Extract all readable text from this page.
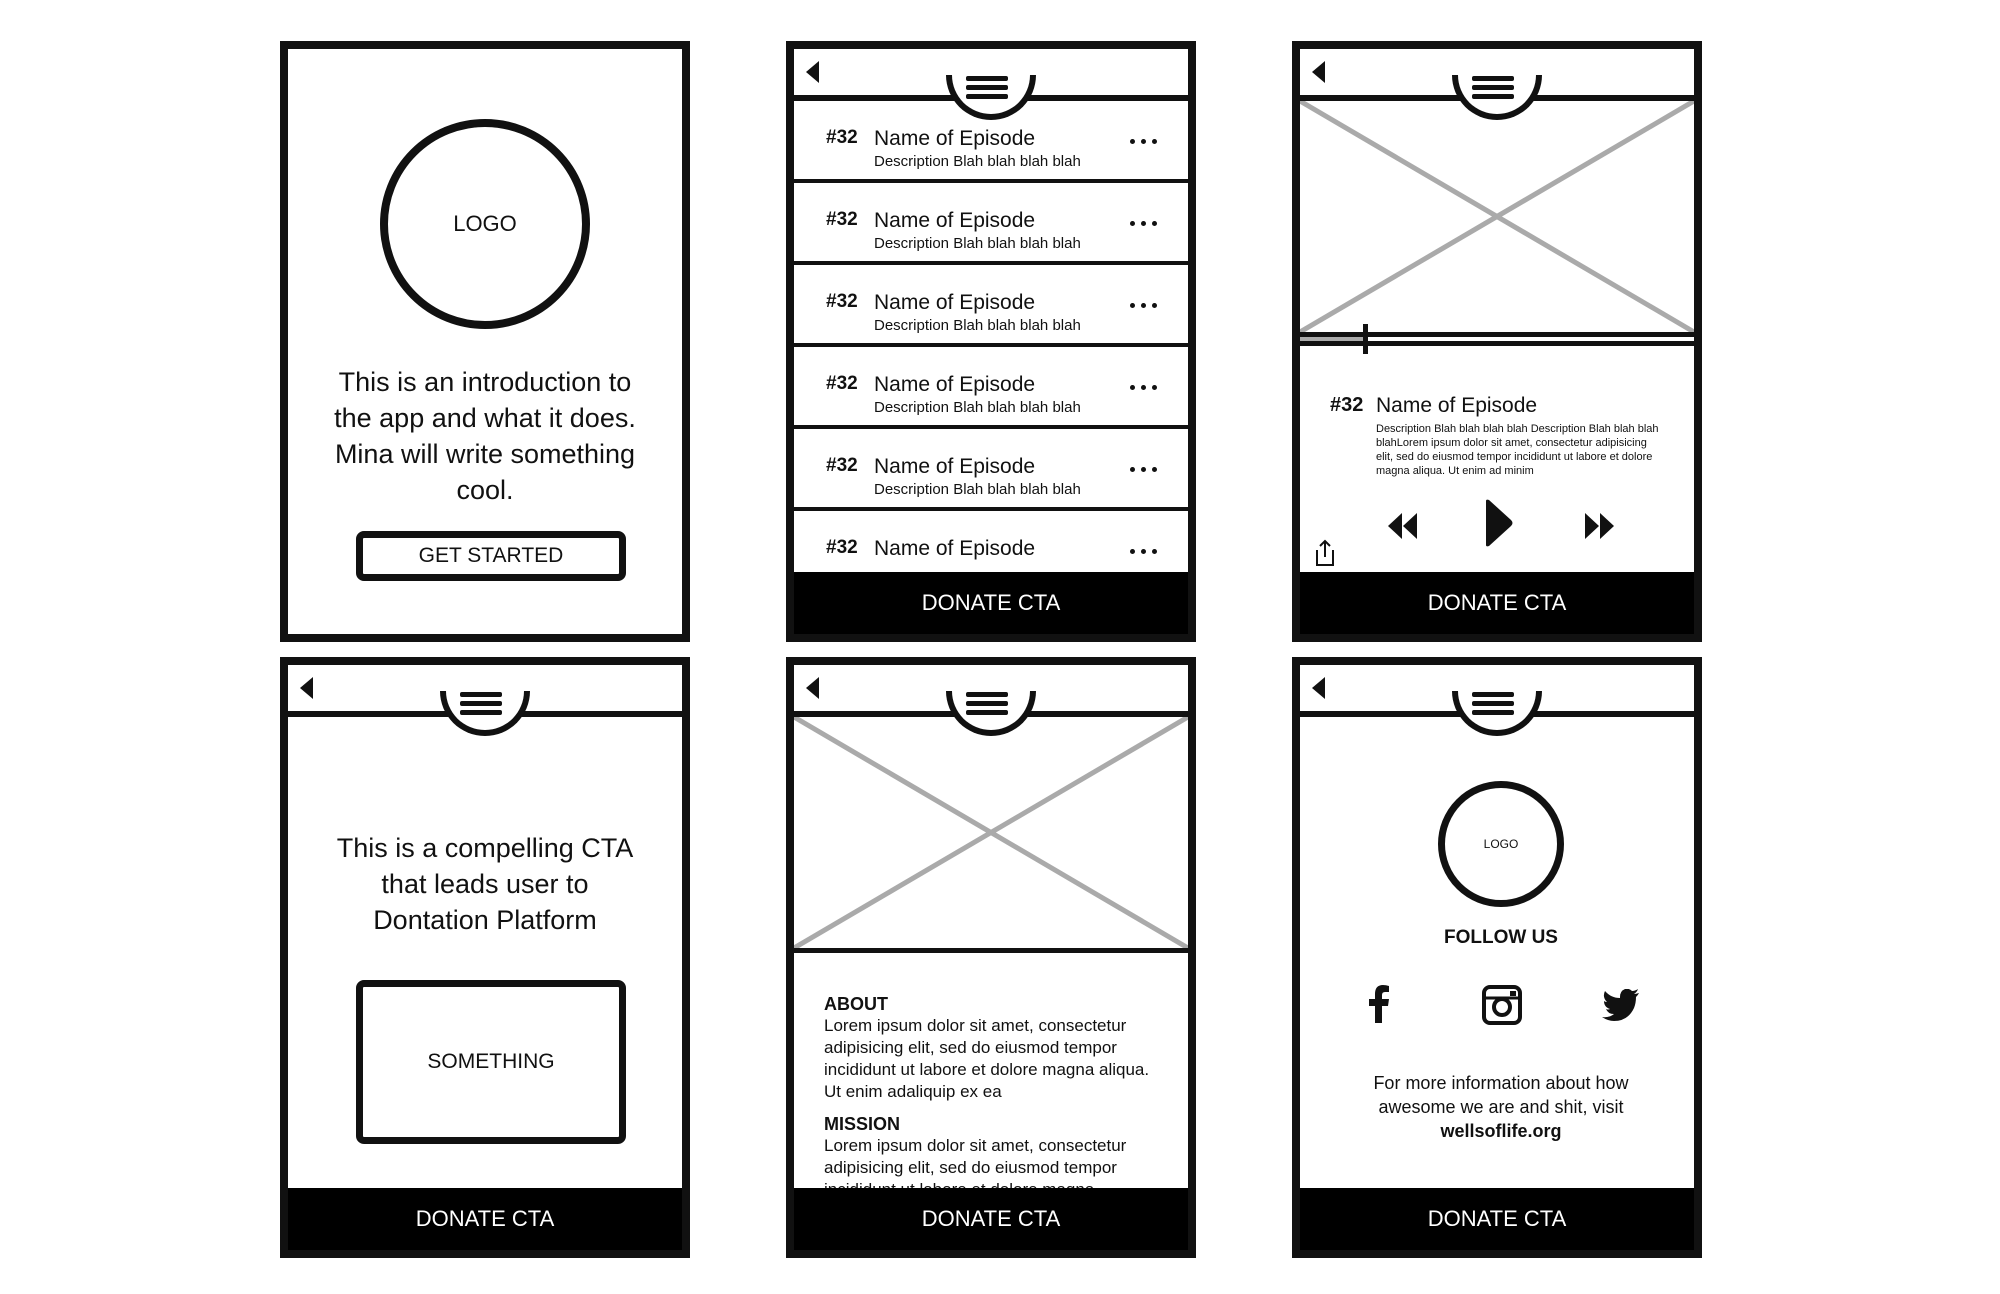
LOGO
This is an introduction to the app and what it does. Mina will write something cool.
GET STARTED
#32 Name of Episode
Description Blah blah blah blah
#32 Name of Episode
Description Blah blah blah blah
#32 Name of Episode
Description Blah blah blah blah
#32 Name of Episode
Description Blah blah blah blah
#32 Name of Episode
Description Blah blah blah blah
#32 Name of Episode
DONATE CTA
#32 Name of Episode
Description Blah blah blah blah Description Blah blah blah blahLorem ipsum dolor sit amet, consectetur adipisicing elit, sed do eiusmod tempor incididunt ut labore et dolore magna aliqua. Ut enim ad minim
DONATE CTA
This is a compelling CTA that leads user to Dontation Platform
SOMETHING
DONATE CTA
ABOUT

Lorem ipsum dolor sit amet, consectetur adipisicing elit, sed do eiusmod tempor incididunt ut labore et dolore magna aliqua. Ut enim adaliquip ex ea

MISSION

Lorem ipsum dolor sit amet, consectetur adipisicing elit, sed do eiusmod tempor

DONATE CTA
LOGO
FOLLOW US
For more information about how awesome we are and shit, visit
wellsoflife.org
DONATE CTA
